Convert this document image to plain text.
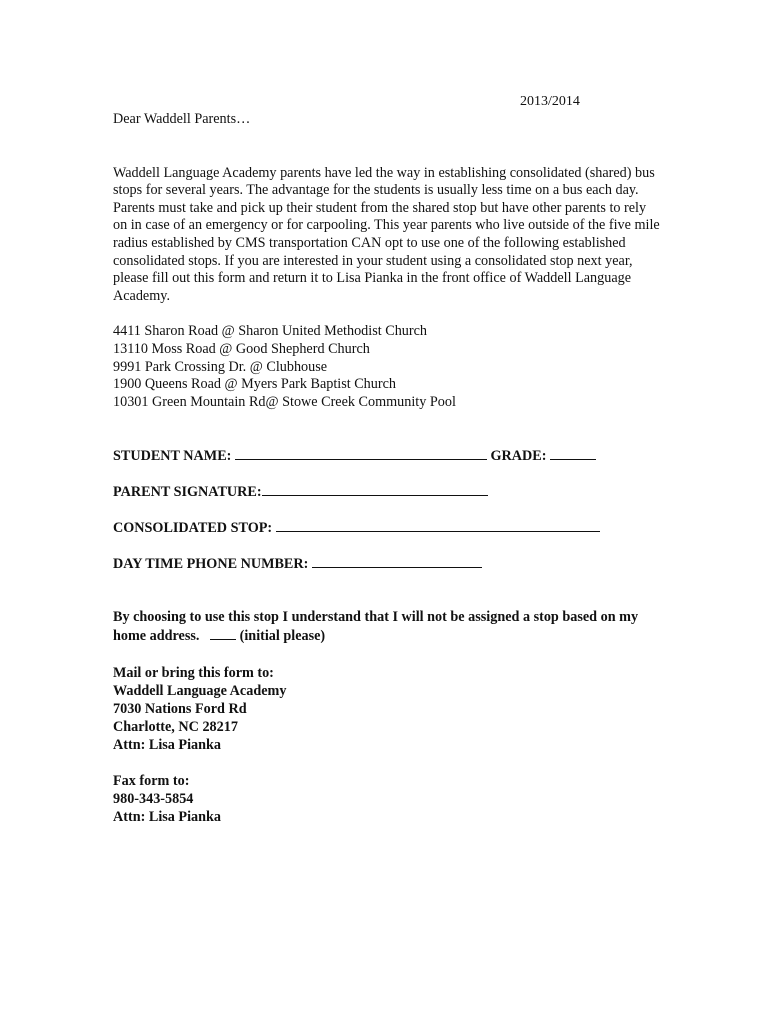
2013/2014

Dear Waddell Parents…

Waddell Language Academy parents have led the way in establishing consolidated (shared) bus stops for several years. The advantage for the students is usually less time on a bus each day. Parents must take and pick up their student from the shared stop but have other parents to rely on in case of an emergency or for carpooling. This year parents who live outside of the five mile radius established by CMS transportation CAN opt to use one of the following established consolidated stops. If you are interested in your student using a consolidated stop next year, please fill out this form and return it to Lisa Pianka in the front office of Waddell Language Academy.

4411 Sharon Road @ Sharon United Methodist Church
13110 Moss Road @ Good Shepherd Church
9991 Park Crossing Dr. @ Clubhouse
1900 Queens Road @ Myers Park Baptist Church
10301 Green Mountain Rd@ Stowe Creek Community Pool
STUDENT NAME:	GRADE:
PARENT SIGNATURE:
CONSOLIDATED STOP:
DAY TIME PHONE NUMBER:
By choosing to use this stop I understand that I will not be assigned a stop based on my home address.	(initial please)
Mail or bring this form to:
Waddell Language Academy
7030 Nations Ford Rd
Charlotte, NC 28217
Attn: Lisa Pianka
Fax form to:
980-343-5854
Attn: Lisa Pianka
